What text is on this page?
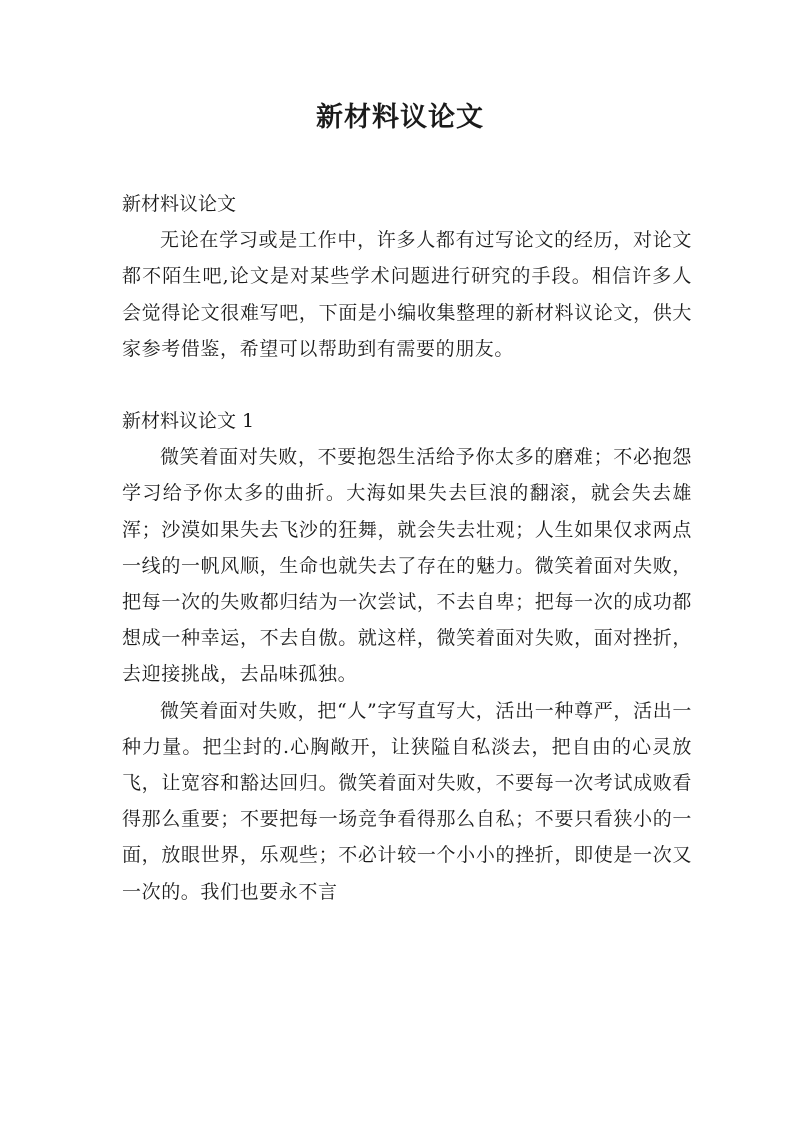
新材料议论文

新材料议论文

无论在学习或是工作中，许多人都有过写论文的经历，对论文都不陌生吧,论文是对某些学术问题进行研究的手段。相信许多人会觉得论文很难写吧，下面是小编收集整理的新材料议论文，供大家参考借鉴，希望可以帮助到有需要的朋友。

新材料议论文 1

微笑着面对失败，不要抱怨生活给予你太多的磨难；不必抱怨学习给予你太多的曲折。大海如果失去巨浪的翻滚，就会失去雄浑；沙漠如果失去飞沙的狂舞，就会失去壮观；人生如果仅求两点一线的一帆风顺，生命也就失去了存在的魅力。微笑着面对失败，把每一次的失败都归结为一次尝试，不去自卑；把每一次的成功都想成一种幸运，不去自傲。就这样，微笑着面对失败，面对挫折，去迎接挑战，去品味孤独。

微笑着面对失败，把“人”字写直写大，活出一种尊严，活出一种力量。把尘封的.心胸敞开，让狭隘自私淡去，把自由的心灵放飞，让宽容和豁达回归。微笑着面对失败，不要每一次考试成败看得那么重要；不要把每一场竞争看得那么自私；不要只看狭小的一面，放眼世界，乐观些；不必计较一个小小的挫折，即使是一次又一次的。我们也要永不言
